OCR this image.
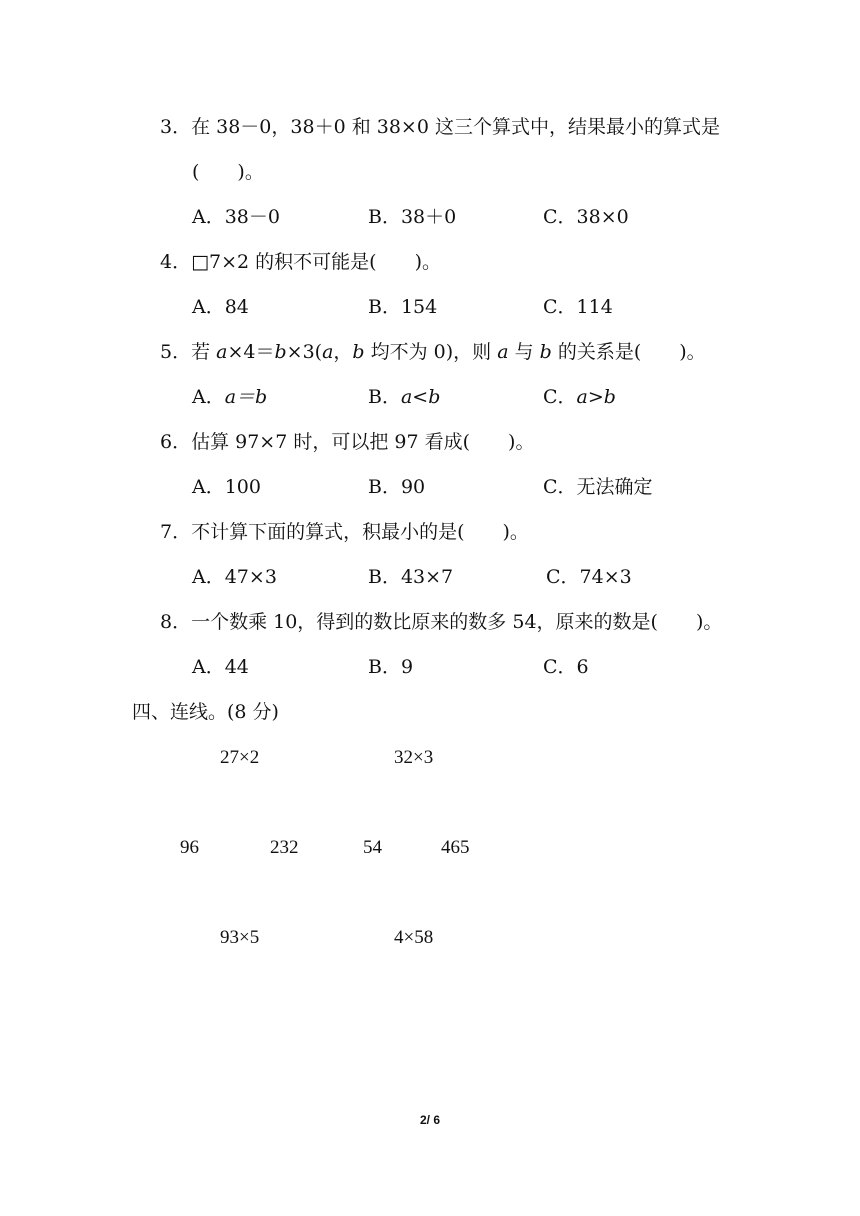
3．在 38－0，38＋0 和 38×0 这三个算式中，结果最小的算式是
(　　)。
A．38－0	B．38＋0	C．38×0
4．□7×2 的积不可能是(　　)。
A．84	B．154	C．114
5．若 a×4＝b×3(a，b 均不为 0)，则 a 与 b 的关系是(　　)。
A．a＝b	B．a<b	C．a>b
6．估算 97×7 时，可以把 97 看成(　　)。
A．100	B．90	C．无法确定
7．不计算下面的算式，积最小的是(　　)。
A．47×3	B．43×7	C．74×3
8．一个数乘 10，得到的数比原来的数多 54，原来的数是(　　)。
A．44	B．9	C．6
四、连线。(8 分)
27×2	32×3
96	232	54	465
93×5	4×58
2/ 6
